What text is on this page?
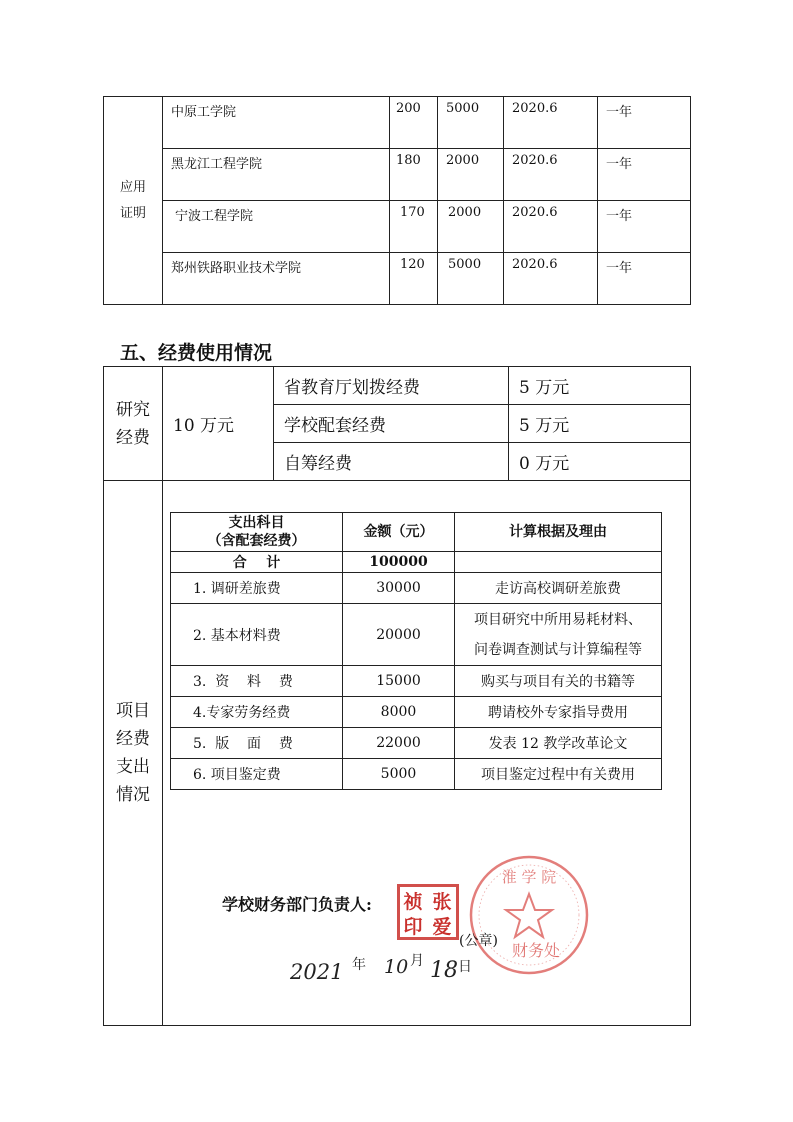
应用
证明	中原工学院	200	5000	2020.6	一年

	黑龙江工程学院	180	2000	2020.6	一年

	宁波工程学院	170	2000	2020.6	一年

	郑州铁路职业技术学院	120	5000	2020.6	一年
五、经费使用情况
研究
经费	10 万元	省教育厅划拨经费	5 万元
		学校配套经费	5 万元
		自筹经费	0 万元
项目
经费
支出
情况			
支出科目
（含配套经费）	金额（元）	计算根据及理由
合    计	100000	
1. 调研差旅费	30000	走访高校调研差旅费
2. 基本材料费	20000	项目研究中所用易耗材料、
问卷调查测试与计算编程等
3.  资    料    费	15000	购买与项目有关的书籍等
4.专家劳务经费	8000	聘请校外专家指导费用
5.  版    面    费	22000	发表 12 教学改革论文
6. 项目鉴定费	5000	项目鉴定过程中有关费用
学校财务部门负责人:
淮 学 院
财务处
祯 张
印 爱
(公章)
2021 年 10 月 18 日
